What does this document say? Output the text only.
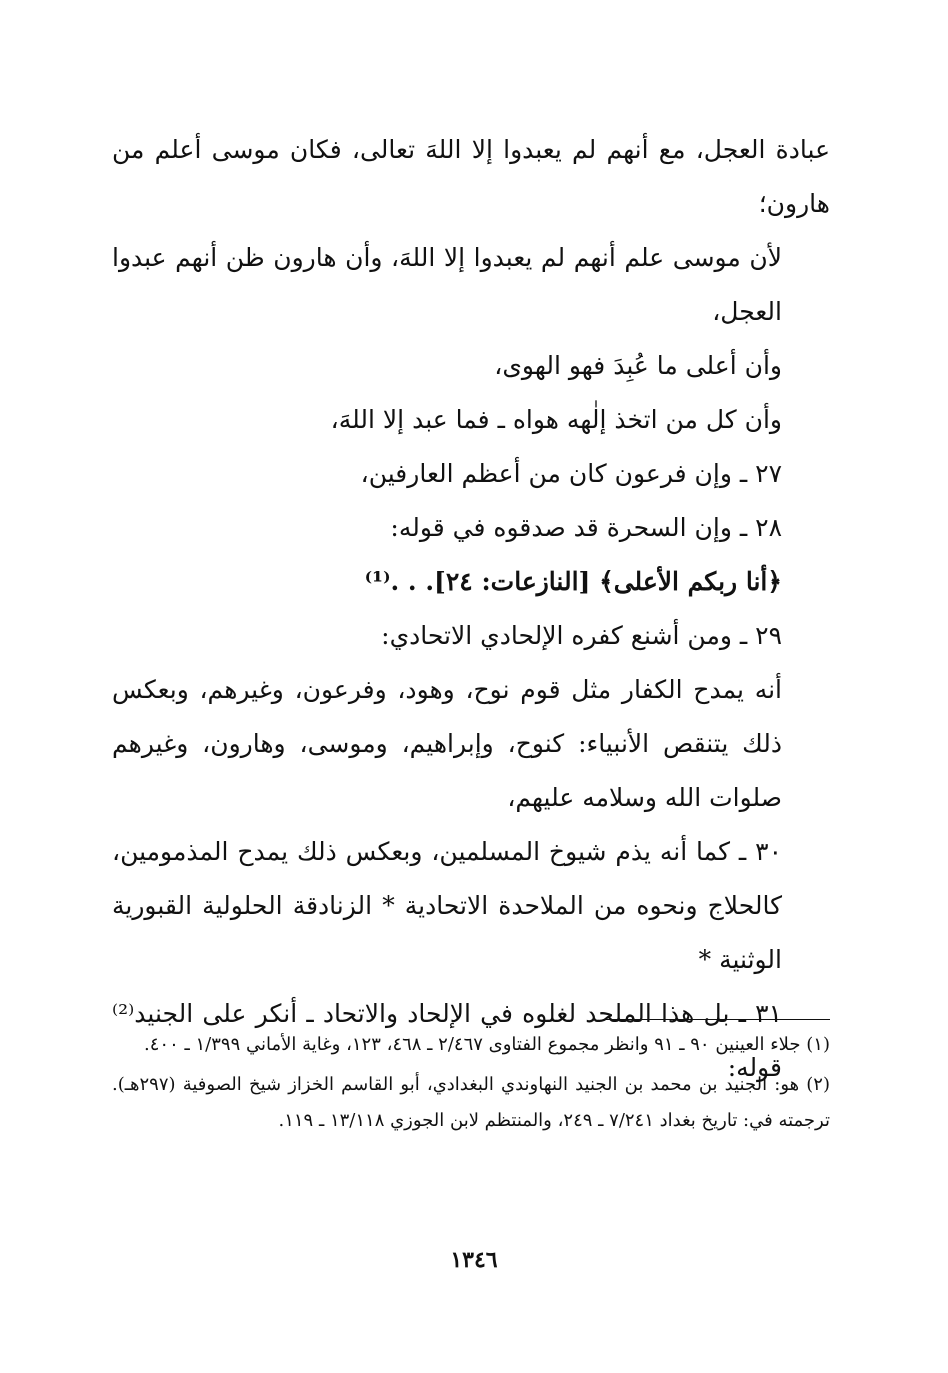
عبادة العجل، مع أنهم لم يعبدوا إلا اللهَ تعالى، فكان موسى أعلم من هارون؛

لأن موسى علم أنهم لم يعبدوا إلا اللهَ، وأن هارون ظن أنهم عبدوا العجل،

وأن أعلى ما عُبِدَ فهو الهوى،

وأن كل من اتخذ إلٰهه هواه ـ فما عبد إلا اللهَ،

٢٧ ـ وإن فرعون كان من أعظم العارفين،

٢٨ ـ وإن السحرة قد صدقوه في قوله:

﴿أنا ربكم الأعلى﴾ [النازعات: ٢٤]. . .⁽¹⁾

٢٩ ـ ومن أشنع كفره الإلحادي الاتحادي:

أنه يمدح الكفار مثل قوم نوح، وهود، وفرعون، وغيرهم، وبعكس ذلك يتنقص الأنبياء: كنوح، وإبراهيم، وموسى، وهارون، وغيرهم صلوات الله وسلامه عليهم،

٣٠ ـ كما أنه يذم شيوخ المسلمين، وبعكس ذلك يمدح المذمومين، كالحلاج ونحوه من الملاحدة الاتحادية * الزنادقة الحلولية القبورية الوثنية *

٣١ ـ بل هذا الملحد لغلوه في الإلحاد والاتحاد ـ أنكر على الجنيد⁽²⁾ قوله:

(١) جلاء العينين ٩٠ ـ ٩١ وانظر مجموع الفتاوى ٢/٤٦٧ ـ ٤٦٨، ١٢٣، وغاية الأماني ١/٣٩٩ ـ ٤٠٠.

(٢) هو: الجنيد بن محمد بن الجنيد النهاوندي البغدادي، أبو القاسم الخزاز شيخ الصوفية (٢٩٧هـ). ترجمته في: تاريخ بغداد ٧/٢٤١ ـ ٢٤٩، والمنتظم لابن الجوزي ١٣/١١٨ ـ ١١٩.

١٣٤٦
